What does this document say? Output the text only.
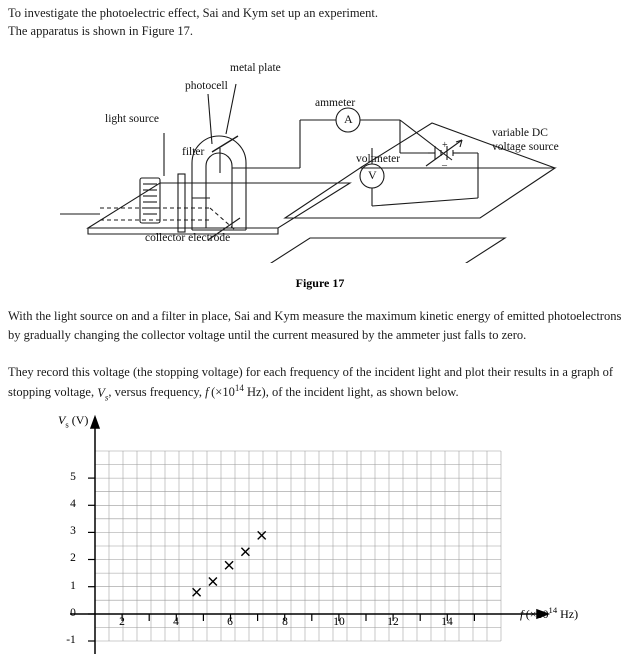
To investigate the photoelectric effect, Sai and Kym set up an experiment.
The apparatus is shown in Figure 17.
metal plate
photocell
light source
filter
ammeter
A
voltmeter
V
variable DC voltage source
+
–
collector electrode
Figure 17
With the light source on and a filter in place, Sai and Kym measure the maximum kinetic energy of emitted photoelectrons by gradually changing the collector voltage until the current measured by the ammeter just falls to zero.
They record this voltage (the stopping voltage) for each frequency of the incident light and plot their results in a graph of stopping voltage, $V_s$, versus frequency, f ($\times 10^{14}$ Hz), of the incident light, as shown below.
$V_s$ (V)
f ($\times 10^{14}$ Hz)
5
4
3
2
1
0
-1
2	4	6	8	10	12	14
